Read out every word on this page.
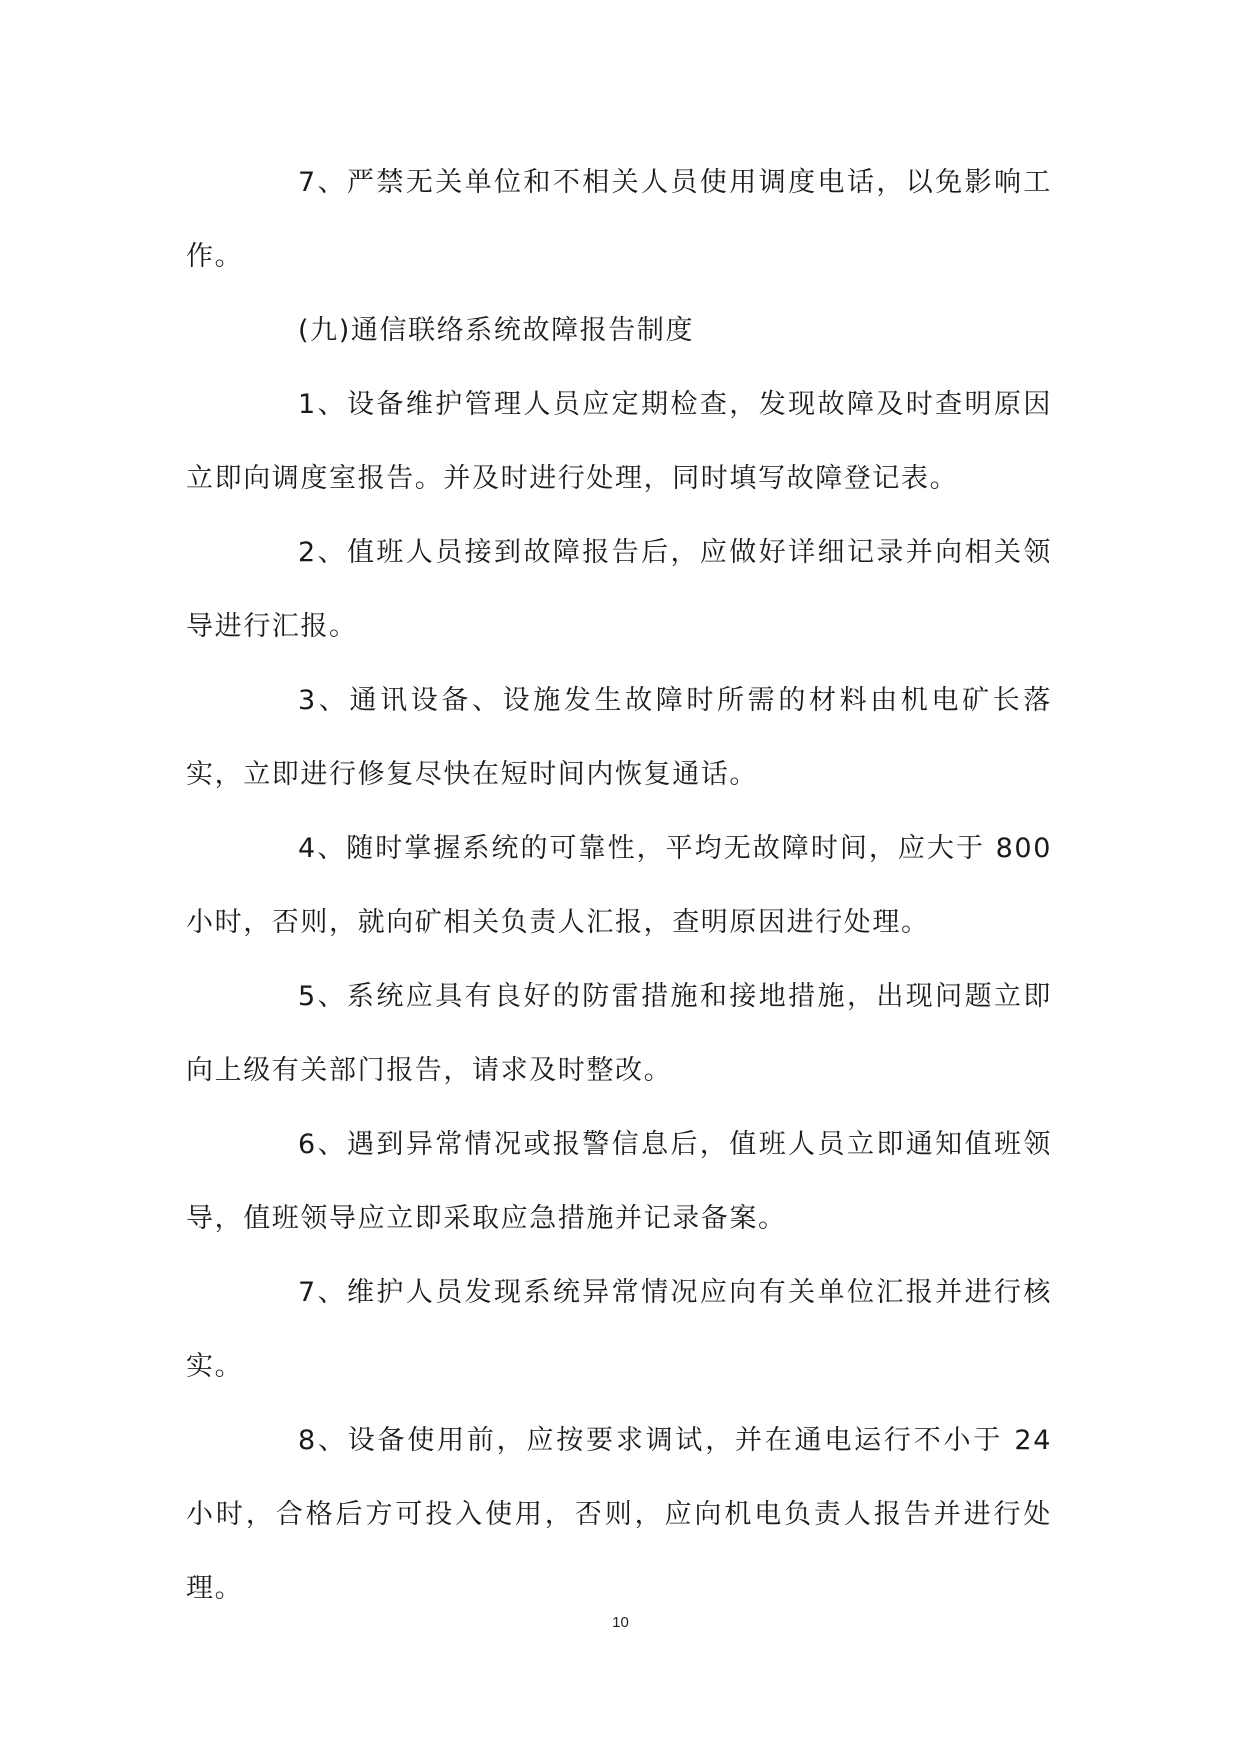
7、严禁无关单位和不相关人员使用调度电话，以免影响工作。

(九)通信联络系统故障报告制度

1、设备维护管理人员应定期检查，发现故障及时查明原因立即向调度室报告。并及时进行处理，同时填写故障登记表。

2、值班人员接到故障报告后，应做好详细记录并向相关领导进行汇报。

3、通讯设备、设施发生故障时所需的材料由机电矿长落实，立即进行修复尽快在短时间内恢复通话。

4、随时掌握系统的可靠性，平均无故障时间，应大于 800 小时，否则，就向矿相关负责人汇报，查明原因进行处理。

5、系统应具有良好的防雷措施和接地措施，出现问题立即向上级有关部门报告，请求及时整改。

6、遇到异常情况或报警信息后，值班人员立即通知值班领导，值班领导应立即采取应急措施并记录备案。

7、维护人员发现系统异常情况应向有关单位汇报并进行核实。

8、设备使用前，应按要求调试，并在通电运行不小于 24 小时，合格后方可投入使用，否则，应向机电负责人报告并进行处理。

10
